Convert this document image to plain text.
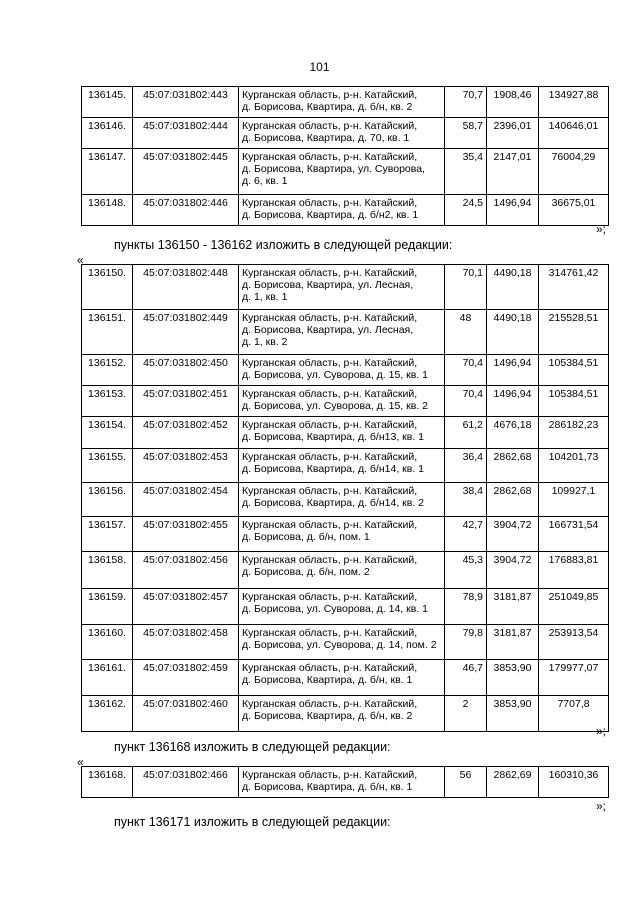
101
136145.	45:07:031802:443	Курганская область, р-н. Катайский,
д. Борисова, Квартира, д. б/н, кв. 2	70,7	1908,46	134927,88
136146.	45:07:031802:444	Курганская область, р-н. Катайский,
д. Борисова, Квартира, д. 70, кв. 1	58,7	2396,01	140646,01
136147.	45:07:031802:445	Курганская область, р-н. Катайский,
д. Борисова, Квартира, ул. Суворова,
д. 6, кв. 1	35,4	2147,01	76004,29
136148.	45:07:031802:446	Курганская область, р-н. Катайский,
д. Борисова, Квартира, д. б/н2, кв. 1	24,5	1496,94	36675,01
»;
пункты 136150 - 136162 изложить в следующей редакции:
«
136150.	45:07:031802:448	Курганская область, р-н. Катайский,
д. Борисова, Квартира, ул. Лесная,
д. 1, кв. 1	70,1	4490,18	314761,42
136151.	45:07:031802:449	Курганская область, р-н. Катайский,
д. Борисова, Квартира, ул. Лесная,
д. 1, кв. 2	48	4490,18	215528,51
136152.	45:07:031802:450	Курганская область, р-н. Катайский,
д. Борисова, ул. Суворова, д. 15, кв. 1	70,4	1496,94	105384,51
136153.	45:07:031802:451	Курганская область, р-н. Катайский,
д. Борисова, ул. Суворова, д. 15, кв. 2	70,4	1496,94	105384,51
136154.	45:07:031802:452	Курганская область, р-н. Катайский,
д. Борисова, Квартира, д. б/н13, кв. 1	61,2	4676,18	286182,23
136155.	45:07:031802:453	Курганская область, р-н. Катайский,
д. Борисова, Квартира, д. б/н14, кв. 1	36,4	2862,68	104201,73
136156.	45:07:031802:454	Курганская область, р-н. Катайский,
д. Борисова, Квартира, д. б/н14, кв. 2	38,4	2862,68	109927,1
136157.	45:07:031802:455	Курганская область, р-н. Катайский,
д. Борисова, д. б/н, пом. 1	42,7	3904,72	166731,54
136158.	45:07:031802:456	Курганская область, р-н. Катайский,
д. Борисова, д. б/н, пом. 2	45,3	3904,72	176883,81
136159.	45:07:031802:457	Курганская область, р-н. Катайский,
д. Борисова, ул. Суворова, д. 14, кв. 1	78,9	3181,87	251049,85
136160.	45:07:031802:458	Курганская область, р-н. Катайский,
д. Борисова, ул. Суворова, д. 14, пом. 2	79,8	3181,87	253913,54
136161.	45:07:031802:459	Курганская область, р-н. Катайский,
д. Борисова, Квартира, д. б/н, кв. 1	46,7	3853,90	179977,07
136162.	45:07:031802:460	Курганская область, р-н. Катайский,
д. Борисова, Квартира, д. б/н, кв. 2	2	3853,90	7707,8
»;
пункт 136168 изложить в следующей редакции:
«
136168.	45:07:031802:466	Курганская область, р-н. Катайский,
д. Борисова, Квартира, д. б/н, кв. 1
	56	2862,69	160310,36
»;
пункт 136171 изложить в следующей редакции:
